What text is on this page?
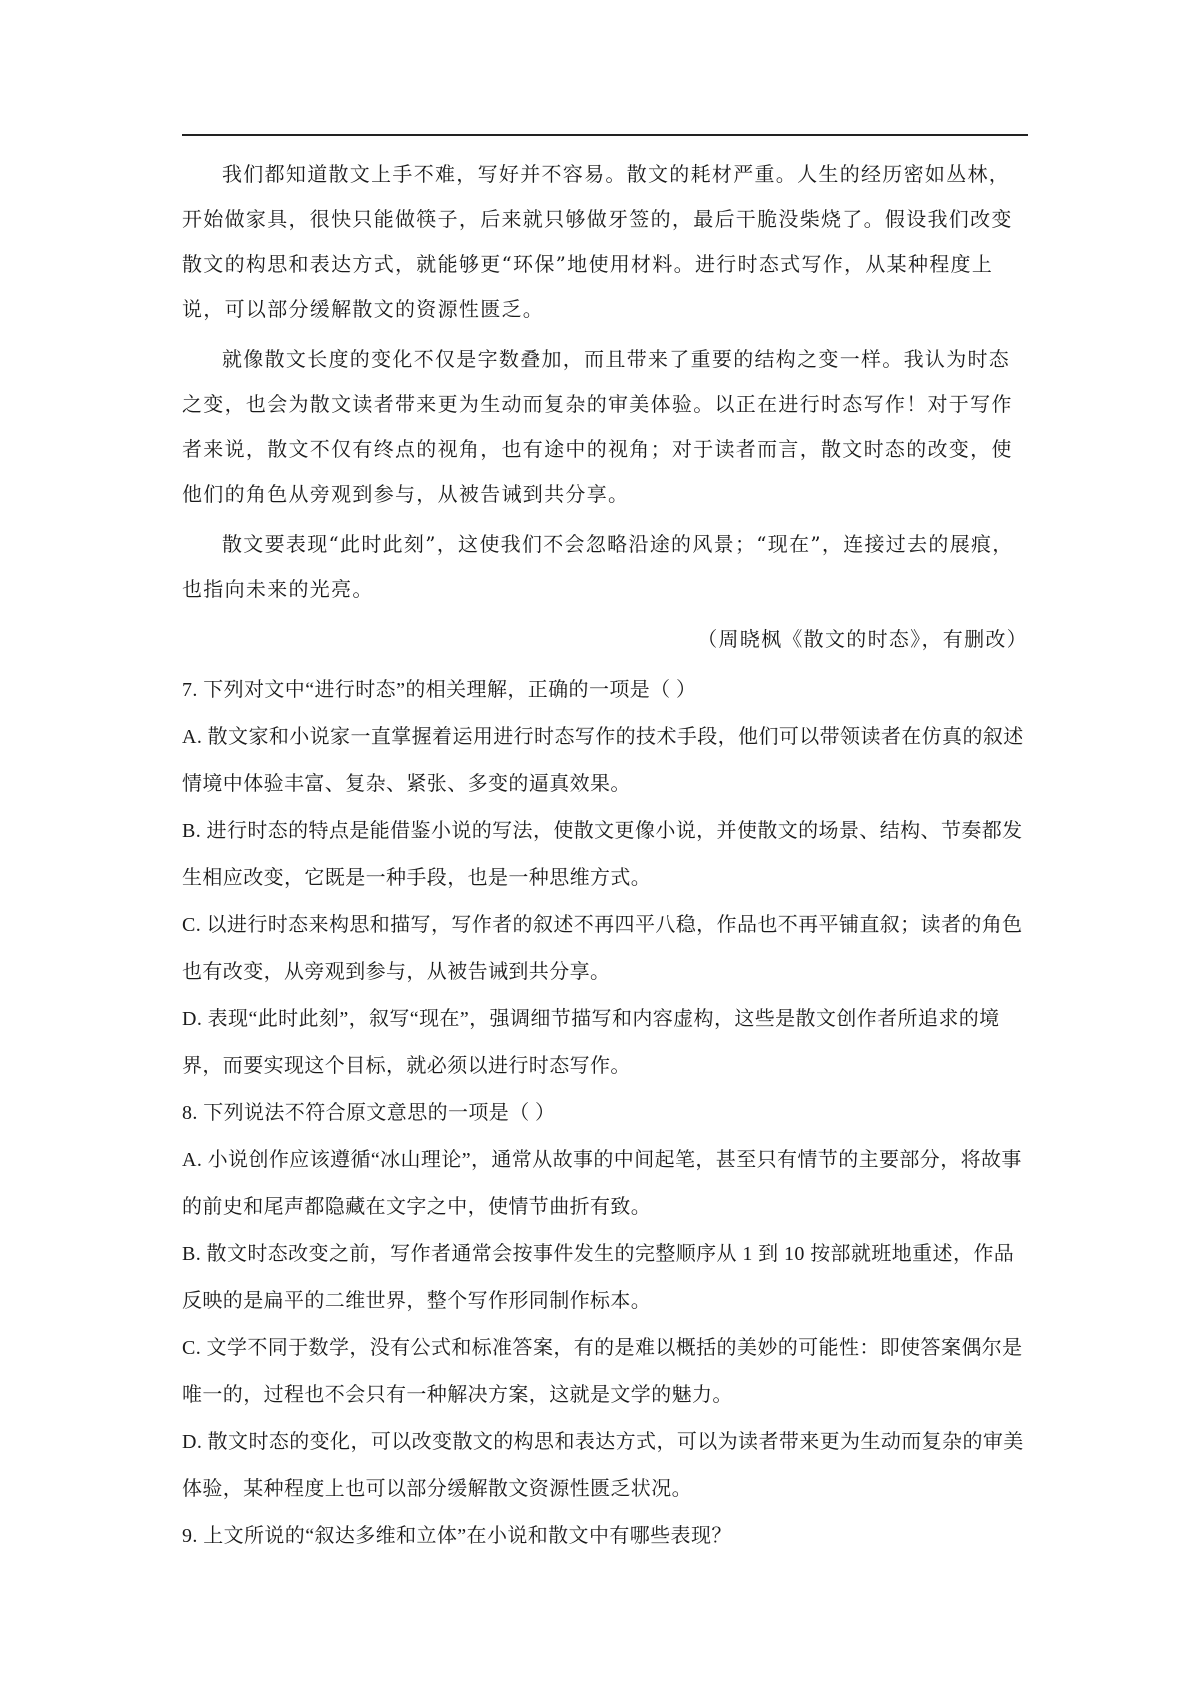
我们都知道散文上手不难，写好并不容易。散文的耗材严重。人生的经历密如丛林，开始做家具，很快只能做筷子，后来就只够做牙签的，最后干脆没柴烧了。假设我们改变散文的构思和表达方式，就能够更“环保”地使用材料。进行时态式写作，从某种程度上说，可以部分缓解散文的资源性匮乏。

就像散文长度的变化不仅是字数叠加，而且带来了重要的结构之变一样。我认为时态之变，也会为散文读者带来更为生动而复杂的审美体验。以正在进行时态写作！对于写作者来说，散文不仅有终点的视角，也有途中的视角；对于读者而言，散文时态的改变，使他们的角色从旁观到参与，从被告诫到共分享。

散文要表现“此时此刻”，这使我们不会忽略沿途的风景；“现在”，连接过去的展痕，也指向未来的光亮。

（周晓枫《散文的时态》，有删改）

7. 下列对文中“进行时态”的相关理解，正确的一项是（ ）

A. 散文家和小说家一直掌握着运用进行时态写作的技术手段，他们可以带领读者在仿真的叙述情境中体验丰富、复杂、紧张、多变的逼真效果。

B. 进行时态的特点是能借鉴小说的写法，使散文更像小说，并使散文的场景、结构、节奏都发生相应改变，它既是一种手段，也是一种思维方式。

C. 以进行时态来构思和描写，写作者的叙述不再四平八稳，作品也不再平铺直叙；读者的角色也有改变，从旁观到参与，从被告诫到共分享。

D. 表现“此时此刻”，叙写“现在”，强调细节描写和内容虚构，这些是散文创作者所追求的境界，而要实现这个目标，就必须以进行时态写作。

8. 下列说法不符合原文意思的一项是（ ）

A. 小说创作应该遵循“冰山理论”，通常从故事的中间起笔，甚至只有情节的主要部分，将故事的前史和尾声都隐藏在文字之中，使情节曲折有致。

B. 散文时态改变之前，写作者通常会按事件发生的完整顺序从 1 到 10 按部就班地重述，作品反映的是扁平的二维世界，整个写作形同制作标本。

C. 文学不同于数学，没有公式和标准答案，有的是难以概括的美妙的可能性：即使答案偶尔是唯一的，过程也不会只有一种解决方案，这就是文学的魅力。

D. 散文时态的变化，可以改变散文的构思和表达方式，可以为读者带来更为生动而复杂的审美体验，某种程度上也可以部分缓解散文资源性匮乏状况。

9. 上文所说的“叙达多维和立体”在小说和散文中有哪些表现？
